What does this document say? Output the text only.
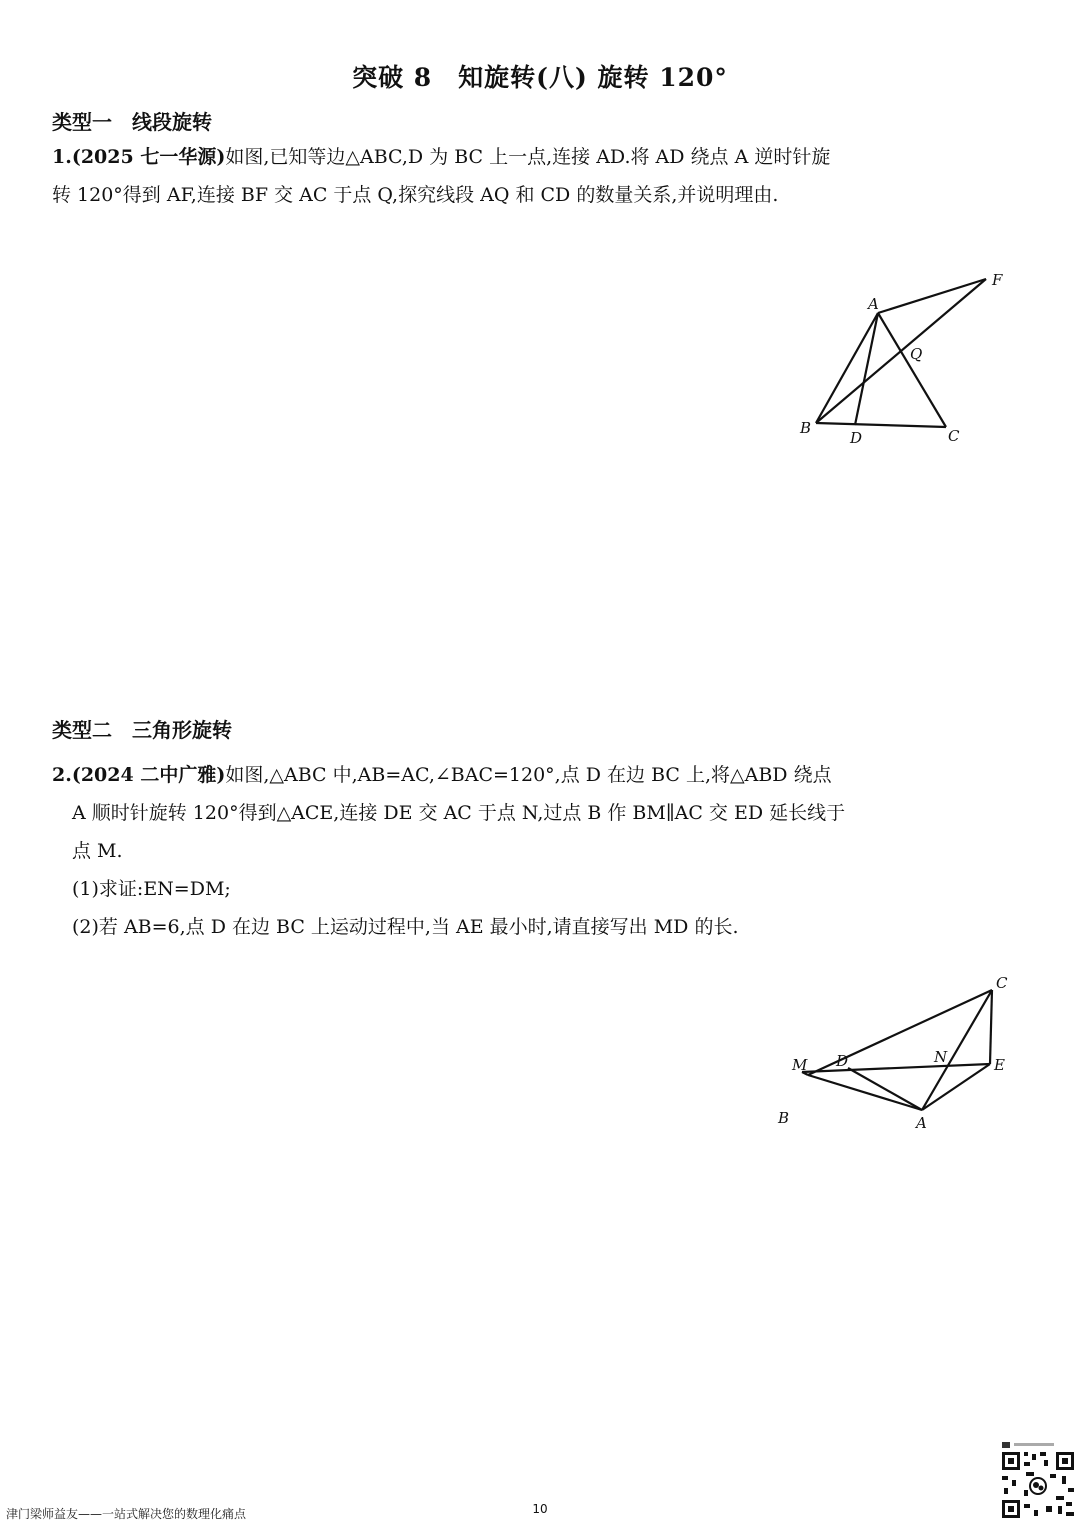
突破 8　知旋转(八) 旋转 120°
类型一　线段旋转

1.(2025 七一华源)如图,已知等边△ABC,D 为 BC 上一点,连接 AD.将 AD 绕点 A 逆时针旋

转 120°得到 AF,连接 BF 交 AC 于点 Q,探究线段 AQ 和 CD 的数量关系,并说明理由.

A
B	C
D
F
Q
类型二　三角形旋转

2.(2024 二中广雅)如图,△ABC 中,AB=AC,∠BAC=120°,点 D 在边 BC 上,将△ABD 绕点

A 顺时针旋转 120°得到△ACE,连接 DE 交 AC 于点 N,过点 B 作 BM∥AC 交 ED 延长线于

点 M.

(1)求证:EN=DM;

(2)若 AB=6,点 D 在边 BC 上运动过程中,当 AE 最小时,请直接写出 MD 的长.

C
E
D	N
M
B	A
津门梁师益友——一站式解决您的数理化痛点	10
